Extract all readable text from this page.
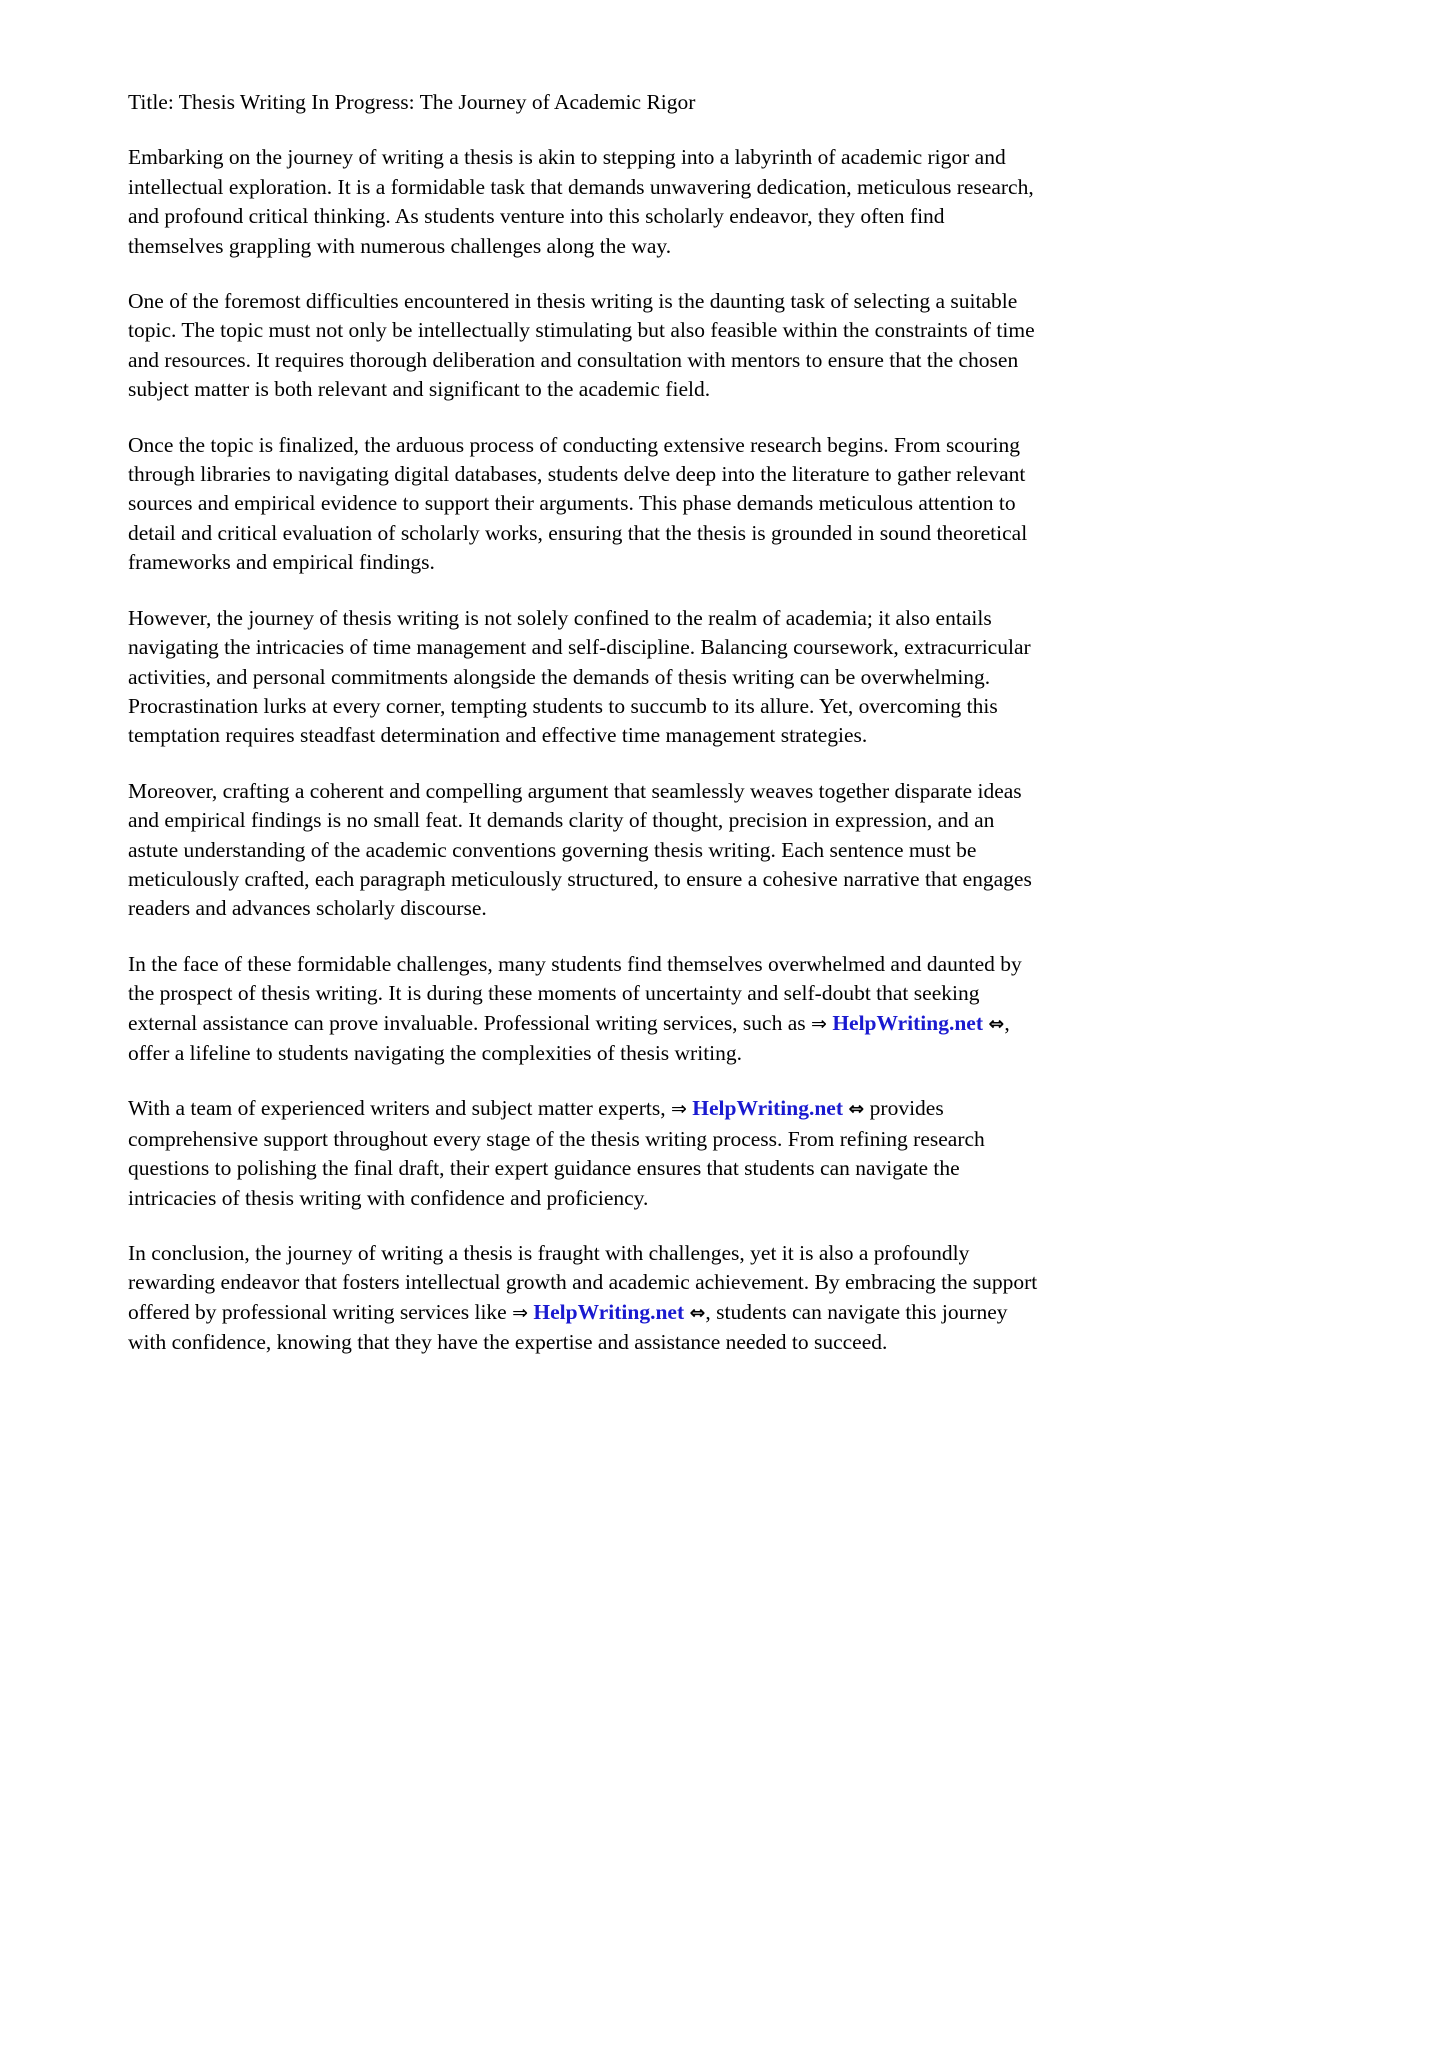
Title: Thesis Writing In Progress: The Journey of Academic Rigor

Embarking on the journey of writing a thesis is akin to stepping into a labyrinth of academic rigor and intellectual exploration. It is a formidable task that demands unwavering dedication, meticulous research, and profound critical thinking. As students venture into this scholarly endeavor, they often find themselves grappling with numerous challenges along the way.

One of the foremost difficulties encountered in thesis writing is the daunting task of selecting a suitable topic. The topic must not only be intellectually stimulating but also feasible within the constraints of time and resources. It requires thorough deliberation and consultation with mentors to ensure that the chosen subject matter is both relevant and significant to the academic field.

Once the topic is finalized, the arduous process of conducting extensive research begins. From scouring through libraries to navigating digital databases, students delve deep into the literature to gather relevant sources and empirical evidence to support their arguments. This phase demands meticulous attention to detail and critical evaluation of scholarly works, ensuring that the thesis is grounded in sound theoretical frameworks and empirical findings.

However, the journey of thesis writing is not solely confined to the realm of academia; it also entails navigating the intricacies of time management and self-discipline. Balancing coursework, extracurricular activities, and personal commitments alongside the demands of thesis writing can be overwhelming. Procrastination lurks at every corner, tempting students to succumb to its allure. Yet, overcoming this temptation requires steadfast determination and effective time management strategies.

Moreover, crafting a coherent and compelling argument that seamlessly weaves together disparate ideas and empirical findings is no small feat. It demands clarity of thought, precision in expression, and an astute understanding of the academic conventions governing thesis writing. Each sentence must be meticulously crafted, each paragraph meticulously structured, to ensure a cohesive narrative that engages readers and advances scholarly discourse.

In the face of these formidable challenges, many students find themselves overwhelmed and daunted by the prospect of thesis writing. It is during these moments of uncertainty and self-doubt that seeking external assistance can prove invaluable. Professional writing services, such as ⇒ HelpWriting.net ⇔, offer a lifeline to students navigating the complexities of thesis writing.

With a team of experienced writers and subject matter experts, ⇒ HelpWriting.net ⇔ provides comprehensive support throughout every stage of the thesis writing process. From refining research questions to polishing the final draft, their expert guidance ensures that students can navigate the intricacies of thesis writing with confidence and proficiency.

In conclusion, the journey of writing a thesis is fraught with challenges, yet it is also a profoundly rewarding endeavor that fosters intellectual growth and academic achievement. By embracing the support offered by professional writing services like ⇒ HelpWriting.net ⇔, students can navigate this journey with confidence, knowing that they have the expertise and assistance needed to succeed.
